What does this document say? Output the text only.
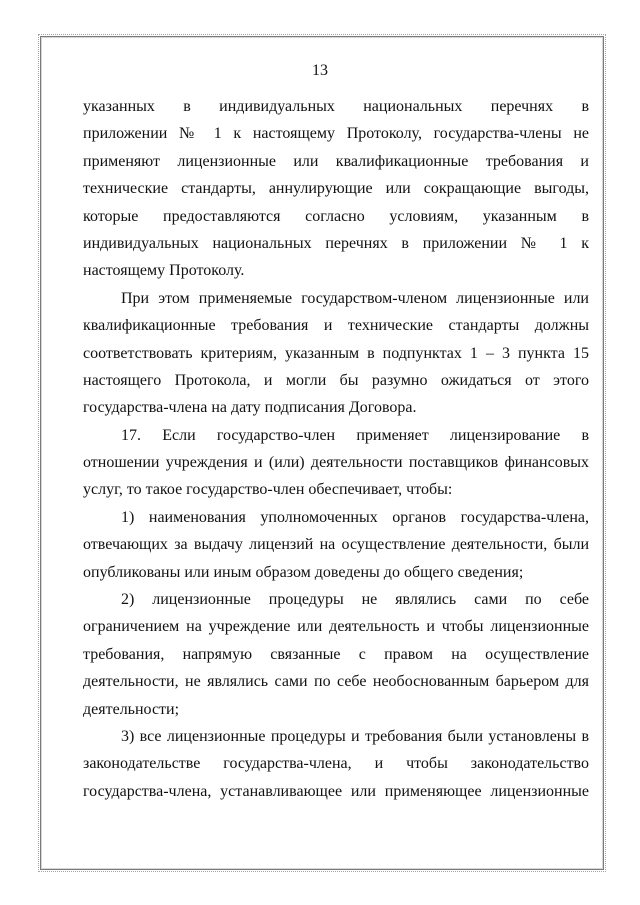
13
указанных в индивидуальных национальных перечнях в
приложении № 1 к настоящему Протоколу, государства-члены не
применяют лицензионные или квалификационные требования и
технические стандарты, аннулирующие или сокращающие выгоды,
которые предоставляются согласно условиям, указанным в
индивидуальных национальных перечнях в приложении № 1 к
настоящему Протоколу.
При этом применяемые государством-членом лицензионные или
квалификационные требования и технические стандарты должны
соответствовать критериям, указанным в подпунктах 1 – 3 пункта 15
настоящего Протокола, и могли бы разумно ожидаться от этого
государства-члена на дату подписания Договора.
17. Если государство-член применяет лицензирование в
отношении учреждения и (или) деятельности поставщиков финансовых
услуг, то такое государство-член обеспечивает, чтобы:
1) наименования уполномоченных органов государства-члена,
отвечающих за выдачу лицензий на осуществление деятельности, были
опубликованы или иным образом доведены до общего сведения;
2) лицензионные процедуры не являлись сами по себе
ограничением на учреждение или деятельность и чтобы лицензионные
требования, напрямую связанные с правом на осуществление
деятельности, не являлись сами по себе необоснованным барьером для
деятельности;
3) все лицензионные процедуры и требования были установлены в
законодательстве государства-члена, и чтобы законодательство
государства-члена, устанавливающее или применяющее лицензионные
